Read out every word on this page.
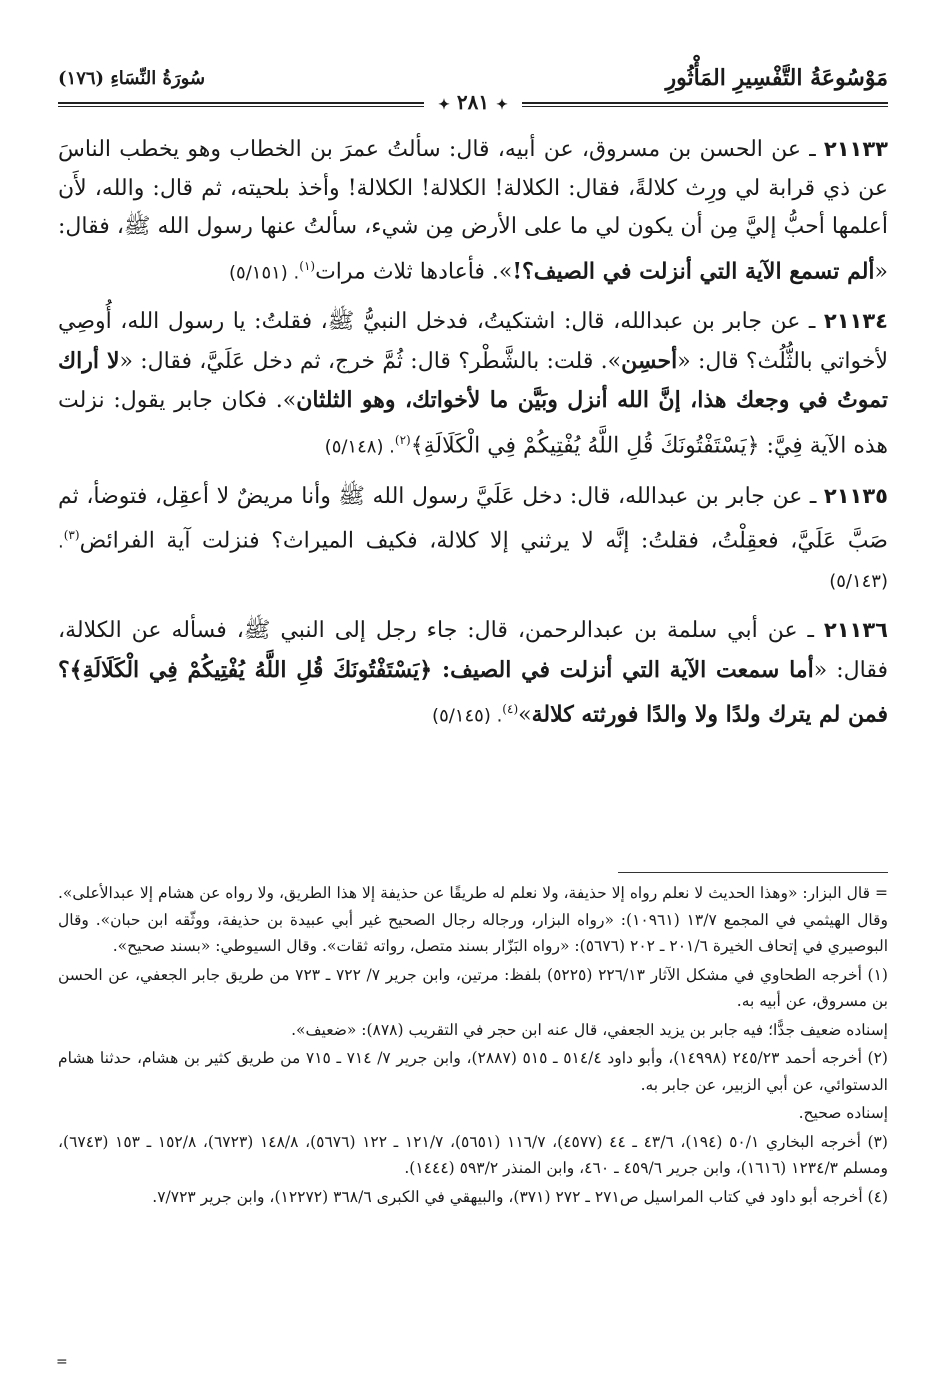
مَوْسُوعَةُ التَّفْسِيرِ المَأْثُورِ
سُورَةُ النِّسَاءِ (١٧٦)
✦ ٢٨١ ✦

٢١١٣٣ ـ عن الحسن بن مسروق، عن أبيه، قال: سألتُ عمرَ بن الخطاب وهو يخطب الناسَ عن ذي قرابة لي ورِث كلالةً، فقال: الكلالة! الكلالة! الكلالة! وأخذ بلحيته، ثم قال: والله، لأَن أعلمها أحبُّ إليَّ مِن أن يكون لي ما على الأرض مِن شيء، سألتُ عنها رسول الله ﷺ، فقال: «ألم تسمع الآية التي أنزلت في الصيف؟!». فأعادها ثلاث مرات$^{(١)}$. (٥/١٥١)

٢١١٣٤ ـ عن جابر بن عبدالله، قال: اشتكيتُ، فدخل النبيُّ ﷺ، فقلتُ: يا رسول الله، أُوصِي لأخواتي بالثُّلُث؟ قال: «أحسِن». قلت: بالشَّطْر؟ قال: ثُمَّ خرج، ثم دخل عَلَيَّ، فقال: «لا أراك تموتُ في وجعك هذا، إنَّ الله أنزل وبَيَّن ما لأخواتك، وهو الثلثان». فكان جابر يقول: نزلت هذه الآية فِيَّ: ﴿يَسْتَفْتُونَكَ قُلِ اللَّهُ يُفْتِيكُمْ فِي الْكَلَالَةِ﴾$^{(٢)}$. (٥/١٤٨)

٢١١٣٥ ـ عن جابر بن عبدالله، قال: دخل عَلَيَّ رسول الله ﷺ وأنا مريضٌ لا أعقِل، فتوضأ، ثم صَبَّ عَلَيَّ، فعقِلْتُ، فقلتُ: إنَّه لا يرثني إلا كلالة، فكيف الميراث؟ فنزلت آية الفرائض$^{(٣)}$. (٥/١٤٣)

٢١١٣٦ ـ عن أبي سلمة بن عبدالرحمن، قال: جاء رجل إلى النبي ﷺ، فسأله عن الكلالة، فقال: «أما سمعت الآية التي أنزلت في الصيف: ﴿يَسْتَفْتُونَكَ قُلِ اللَّهُ يُفْتِيكُمْ فِي الْكَلَالَةِ﴾؟ فمن لم يترك ولدًا ولا والدًا فورثته كلالة»$^{(٤)}$. (٥/١٤٥)

= قال البزار: «وهذا الحديث لا نعلم رواه إلا حذيفة، ولا نعلم له طريقًا عن حذيفة إلا هذا الطريق، ولا رواه عن هشام إلا عبدالأعلى». وقال الهيثمي في المجمع ١٣/٧ (١٠٩٦١): «رواه البزار، ورجاله رجال الصحيح غير أبي عبيدة بن حذيفة، ووثّقه ابن حبان». وقال البوصيري في إتحاف الخيرة ٢٠١/٦ ـ ٢٠٢ (٥٦٧٦): «رواه البَزّار بسند متصل، رواته ثقات». وقال السيوطي: «بسند صحيح».

(١) أخرجه الطحاوي في مشكل الآثار ٢٢٦/١٣ (٥٢٢٥) بلفظ: مرتين، وابن جرير ٧/ ٧٢٢ ـ ٧٢٣ من طريق جابر الجعفي، عن الحسن بن مسروق، عن أبيه به.

إسناده ضعيف جدًّا؛ فيه جابر بن يزيد الجعفي، قال عنه ابن حجر في التقريب (٨٧٨): «ضعيف».

(٢) أخرجه أحمد ٢٤٥/٢٣ (١٤٩٩٨)، وأبو داود ٥١٤/٤ ـ ٥١٥ (٢٨٨٧)، وابن جرير ٧/ ٧١٤ ـ ٧١٥ من طريق كثير بن هشام، حدثنا هشام الدستوائي، عن أبي الزبير، عن جابر به.

إسناده صحيح.

(٣) أخرجه البخاري ٥٠/١ (١٩٤)، ٤٣/٦ ـ ٤٤ (٤٥٧٧)، ١١٦/٧ (٥٦٥١)، ١٢١/٧ ـ ١٢٢ (٥٦٧٦)، ١٤٨/٨ (٦٧٢٣)، ١٥٢/٨ ـ ١٥٣ (٦٧٤٣)، ومسلم ١٢٣٤/٣ (١٦١٦)، وابن جرير ٤٥٩/٦ ـ ٤٦٠، وابن المنذر ٥٩٣/٢ (١٤٤٤).

(٤) أخرجه أبو داود في كتاب المراسيل ص٢٧١ ـ ٢٧٢ (٣٧١)، والبيهقي في الكبرى ٣٦٨/٦ (١٢٢٧٢)، وابن جرير ٧/٧٢٣.

=
